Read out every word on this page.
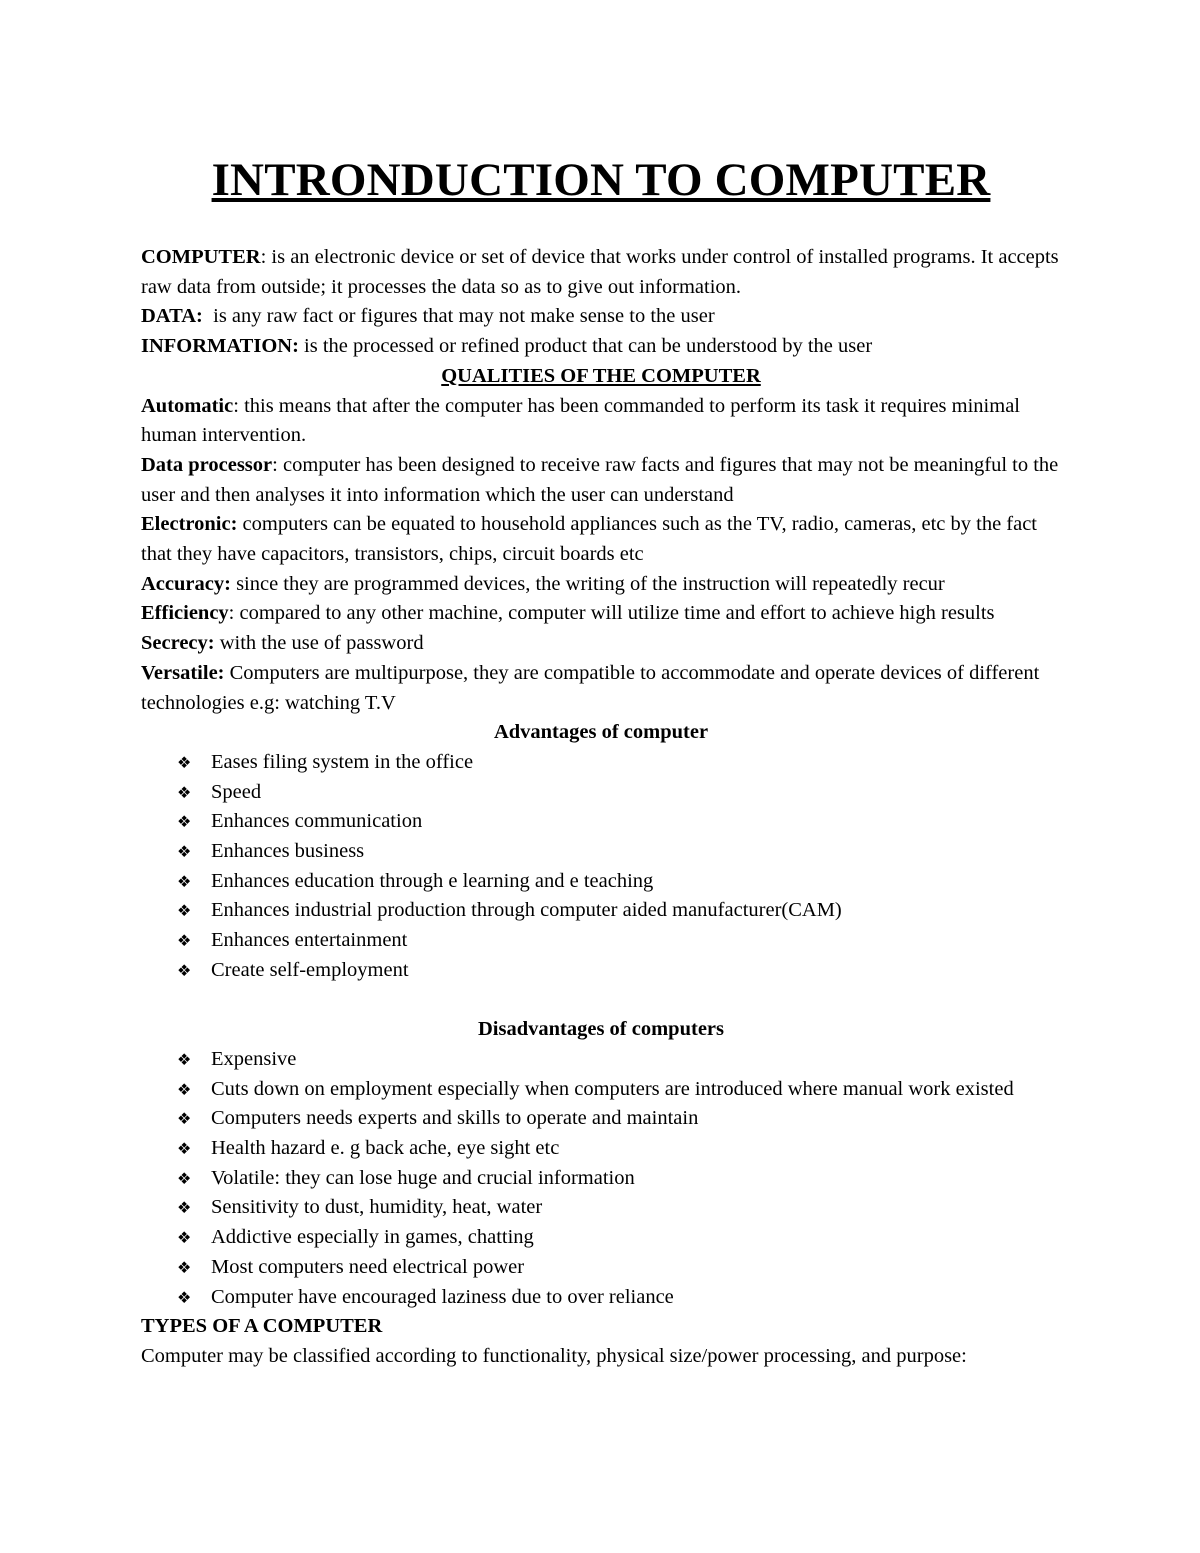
INTRONDUCTION TO COMPUTER

COMPUTER: is an electronic device or set of device that works under control of installed programs. It accepts raw data from outside; it processes the data so as to give out information.

DATA: is any raw fact or figures that may not make sense to the user

INFORMATION: is the processed or refined product that can be understood by the user

QUALITIES OF THE COMPUTER

Automatic: this means that after the computer has been commanded to perform its task it requires minimal human intervention.

Data processor: computer has been designed to receive raw facts and figures that may not be meaningful to the user and then analyses it into information which the user can understand

Electronic: computers can be equated to household appliances such as the TV, radio, cameras, etc by the fact that they have capacitors, transistors, chips, circuit boards etc

Accuracy: since they are programmed devices, the writing of the instruction will repeatedly recur

Efficiency: compared to any other machine, computer will utilize time and effort to achieve high results

Secrecy: with the use of password

Versatile: Computers are multipurpose, they are compatible to accommodate and operate devices of different technologies e.g: watching T.V

Advantages of computer

❖ Eases filing system in the office
❖ Speed
❖ Enhances communication
❖ Enhances business
❖ Enhances education through e learning and e teaching
❖ Enhances industrial production through computer aided manufacturer(CAM)
❖ Enhances entertainment
❖ Create self-employment

Disadvantages of computers

❖ Expensive
❖ Cuts down on employment especially when computers are introduced where manual work existed
❖ Computers needs experts and skills to operate and maintain
❖ Health hazard e. g back ache, eye sight etc
❖ Volatile: they can lose huge and crucial information
❖ Sensitivity to dust, humidity, heat, water
❖ Addictive especially in games, chatting
❖ Most computers need electrical power
❖ Computer have encouraged laziness due to over reliance

TYPES OF A COMPUTER

Computer may be classified according to functionality, physical size/power processing, and purpose:
